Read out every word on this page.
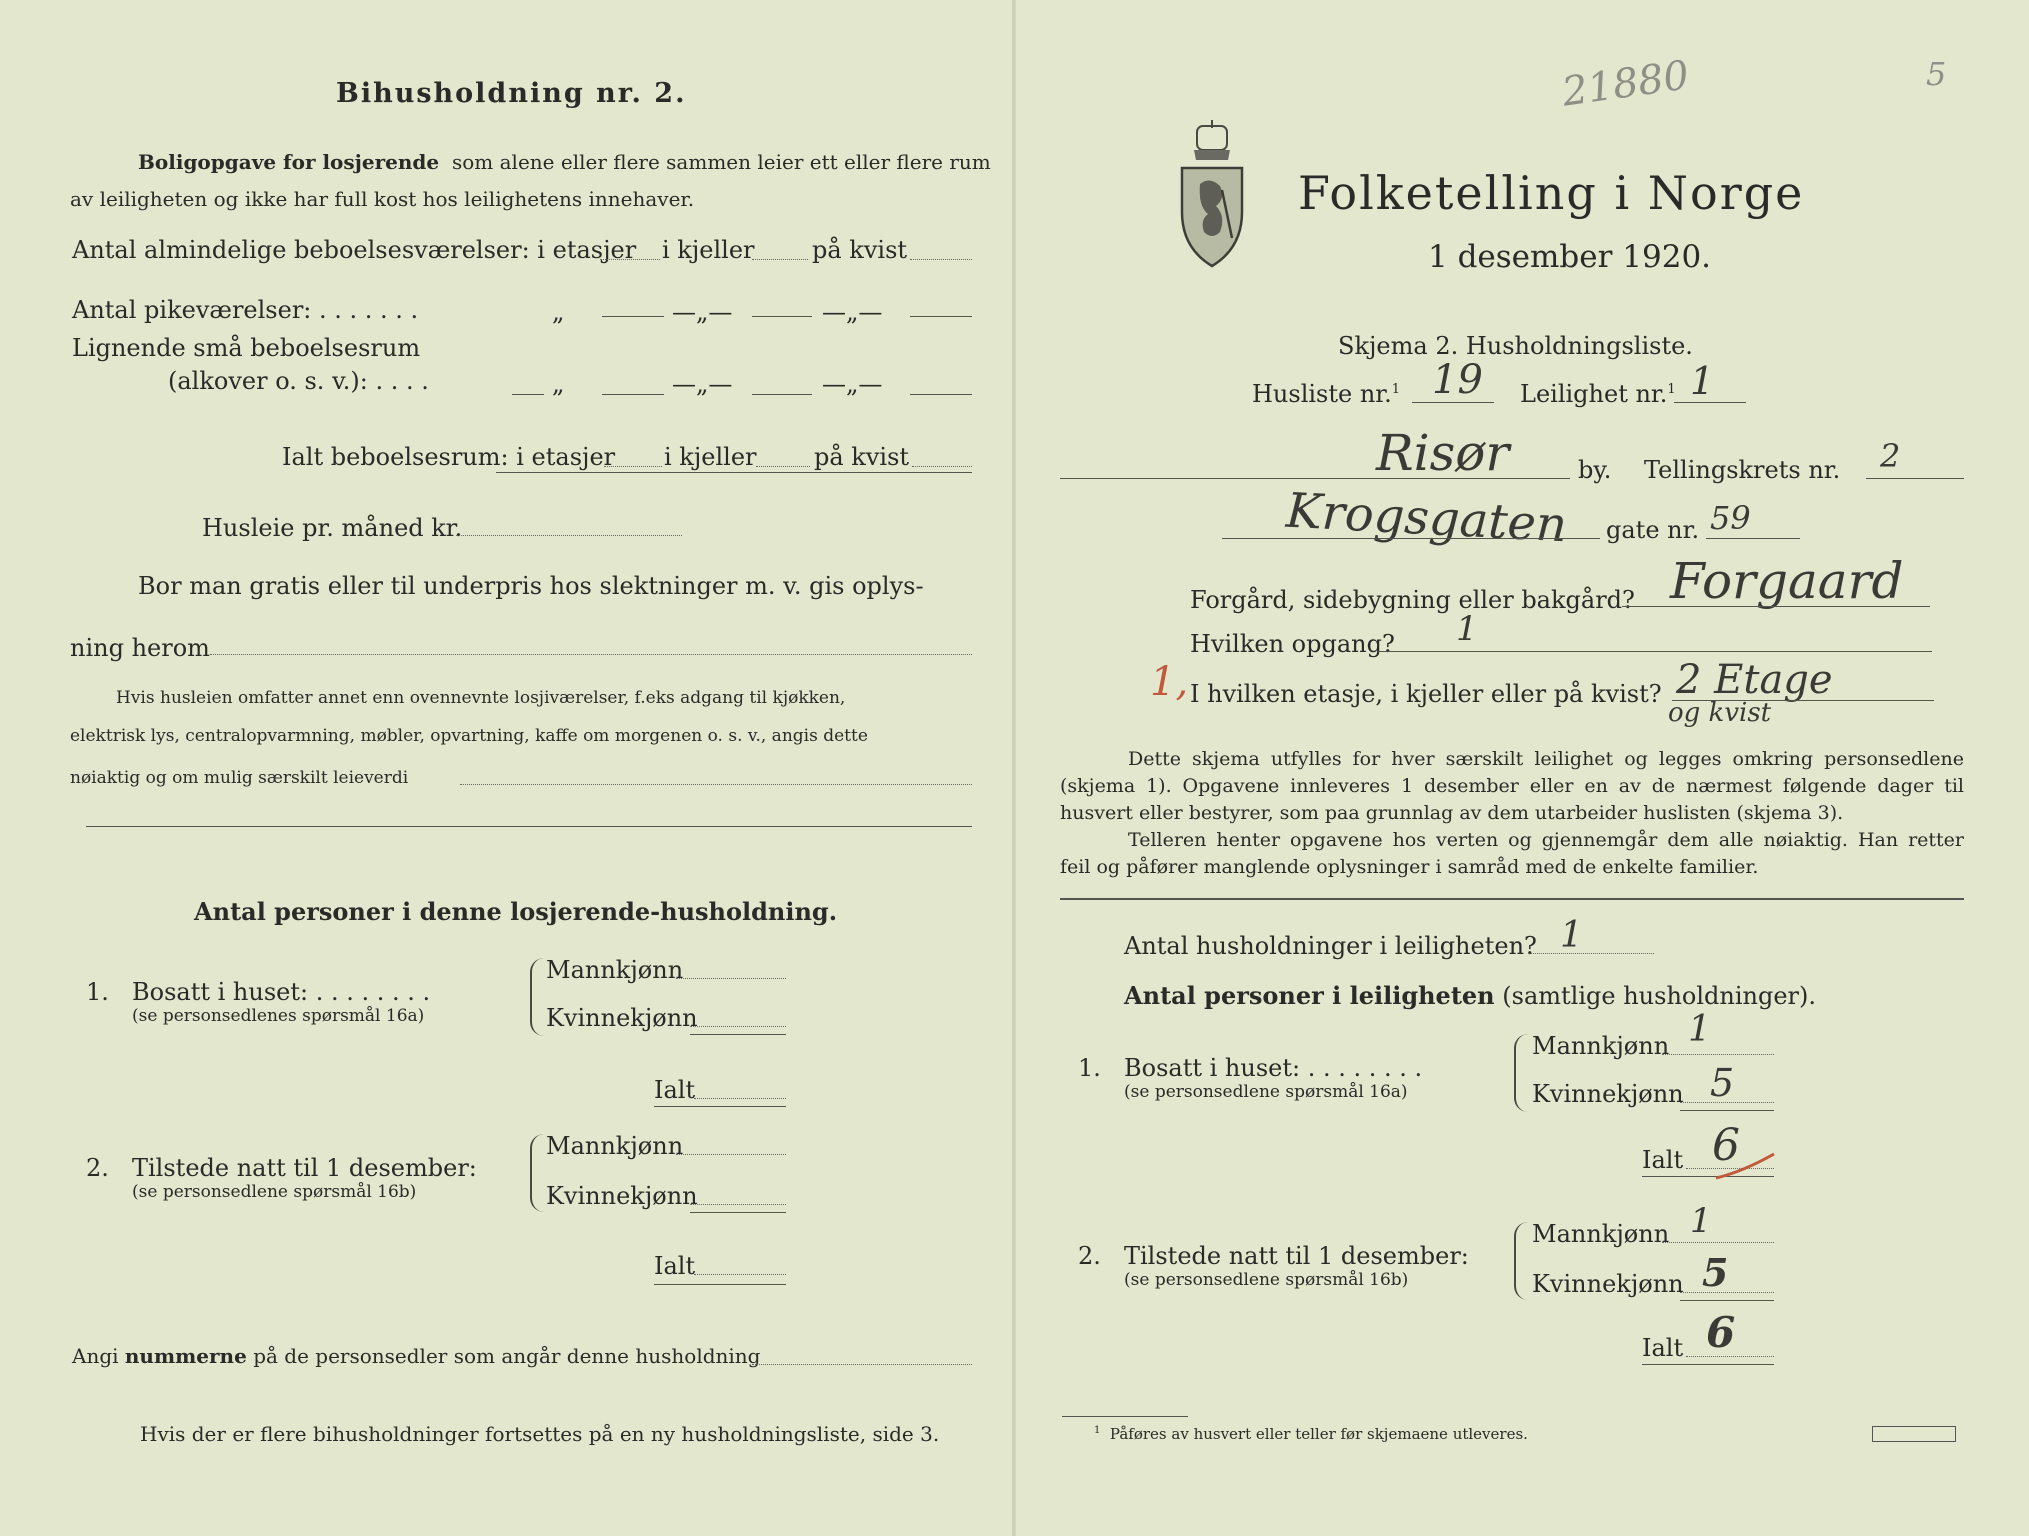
Bihusholdning nr. 2.
Boligopgave for losjerende som alene eller flere sammen leier ett eller flere rum
av leiligheten og ikke har full kost hos leilighetens innehaver.
Antal almindelige beboelsesværelser: i etasjer i kjeller på kvist
Antal pikeværelser: . . . . . . .	„	—„—	—„—
Lignende små beboelsesrum
(alkover o. s. v.): . . . .	„	—„—	—„—
Ialt beboelsesrum: i etasjer i kjeller på kvist
Husleie pr. måned kr.
Bor man gratis eller til underpris hos slektninger m. v. gis oplys-
ning herom
Hvis husleien omfatter annet enn ovennevnte losjiværelser, f.eks adgang til kjøkken,
elektrisk lys, centralopvarmning, møbler, opvartning, kaffe om morgenen o. s. v., angis dette
nøiaktig og om mulig særskilt leieverdi
Antal personer i denne losjerende-husholdning.
1. Bosatt i huset: . . . . . . . .
(se personsedlenes spørsmål 16a)
Mannkjønn
Kvinnekjønn
Ialt
2. Tilstede natt til 1 desember:
(se personsedlene spørsmål 16b)
Mannkjønn
Kvinnekjønn
Ialt
Angi nummerne på de personsedler som angår denne husholdning
Hvis der er flere bihusholdninger fortsettes på en ny husholdningsliste, side 3.
21880	5
Folketelling i Norge
1 desember 1920.
Skjema 2. Husholdningsliste.
Husliste nr.$^1$ 19 Leilighet nr.$^1$ 1
Risør	by. Tellingskrets nr. 2
Krogsgaten gate nr. 59
Forgård, sidebygning eller bakgård? Forgaard
Hvilken opgang? 1
1, I hvilken etasje, i kjeller eller på kvist? 2 Etage
og kvist
Dette skjema utfylles for hver særskilt leilighet og legges omkring personsedlene
(skjema 1). Opgavene innleveres 1 desember eller en av de nærmest følgende dager til
husvert eller bestyrer, som paa grunnlag av dem utarbeider huslisten (skjema 3).
Telleren henter opgavene hos verten og gjennemgår dem alle nøiaktig. Han retter
feil og påfører manglende oplysninger i samråd med de enkelte familier.
Antal husholdninger i leiligheten? 1
Antal personer i leiligheten (samtlige husholdninger).
1. Bosatt i huset: . . . . . . . .
(se personsedlene spørsmål 16a)
Mannkjønn 1
Kvinnekjønn 5
Ialt 6
2. Tilstede natt til 1 desember:
(se personsedlene spørsmål 16b)
Mannkjønn 1
Kvinnekjønn 5
Ialt 6
$^1$ Påføres av husvert eller teller før skjemaene utleveres.
